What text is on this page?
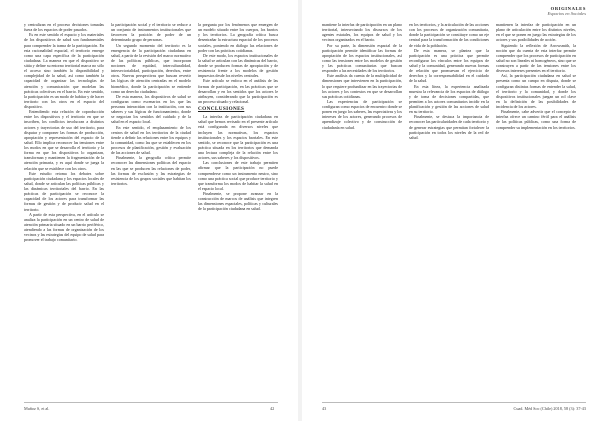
y centralizan en el proceso decisiones tomadas fuera de los espacios de poder pasados.

Es en este sentido el espacio y los materiales de los dispositivos de salud son fundamentales para comprender la trama de la participación. En esta racionalidad espacial, el territorio emerge como una capa específica de la participación ciudadana. La manera en que el dispositivo se sitúa y define su entorno territorial marca no sólo el acceso sino también la disponibilidad y complejidad de la salud, así como también la capacidad de organizar las tecnologías de atención y comunicación que modelan las prácticas colectivas en el barrio. En este sentido, la participación es un modo de habitar y de hacer territorio con los otros en el espacio del dispositivo.

Entendiendo esta relación de coproducción entre los dispositivos y el territorio en que se inscriben, los conflictos involucran a distintos actores y trayectorias de uso del territorio, para disputar y componer las formas de producción, apropiación y representación del espacio de la salud. Ello implica reconocer las tensiones entre los modos en que se desarrolla el territorio y la forma en que los dispositivos lo organizan, transforman y mantienen la fragmentación de la atención primaria, y es aquí donde se juega la relación que se establece con los otros.

Este estudio retoma los debates sobre participación ciudadana y los espacios locales de salud, donde se articulan las políticas públicas y las dinámicas territoriales del barrio. En las prácticas de participación se reconoce la capacidad de los actores para transformar las formas de gestión y de producir salud en el territorio.

A partir de esta perspectiva, en el artículo se analiza la participación en un centro de salud de atención primaria situado en un barrio periférico, atendiendo a las formas de organización de los vecinos y las estrategias del equipo de salud para promover el trabajo comunitario.

la participación social y el territorio se reduce a un conjunto de instrumentos institucionales que favorecen la posición de poder de un determinado grupo de personas.

Un segundo momento del territorio es la emergencia de la participación ciudadana en salud, a partir de la revisión del marco normativo de las políticas públicas, que incorporan nociones de equidad, interculturalidad, intersectorialidad, participación, derechos, entre otros. Nuevas perspectivas que buscan revertir las lógicas de atención centradas en el modelo biomédico, donde la participación se entiende como un derecho ciudadano.

De esta manera, los dispositivos de salud se configuran como escenarios en los que las personas interactúan con la institución, con sus saberes y sus lógicas de funcionamiento, donde se negocian los sentidos del cuidado y de la salud en el espacio local.

En este sentido, el emplazamiento de los centros de salud en los territorios de la ciudad tiende a definir las relaciones entre los equipos y la comunidad, como las que se establecen en los procesos de planificación, gestión y evaluación de las acciones de salud.

Finalmente, la geografía crítica permite reconocer las dimensiones políticas del espacio en las que se producen las relaciones de poder, las formas de exclusión y las estrategias de resistencia de los grupos sociales que habitan los territorios.

la pregunta por los fenómenos que emergen de un modelo situado entre los cuerpos, los barrios y los territorios. La geografía crítica busca desentrañar la estructura espacial de los procesos sociales, poniendo en diálogo las relaciones de poder con las prácticas cotidianas.

De este modo, los espacios institucionales de la salud se articulan con las dinámicas del barrio, donde se producen formas de apropiación y de resistencia frente a los modelos de gestión impuestos desde los niveles centrales.

Este artículo se enfoca en el análisis de las formas de participación, en las prácticas que se desarrollan y en los sentidos que los actores le atribuyen, considerando que la participación es un proceso situado y relacional.

CONCLUSIONES

La interfaz de participación ciudadana en salud que hemos revisado en el presente artículo está configurada en diversos niveles que incluyen las normativas, los espacios institucionales y los espacios barriales. En este sentido, se reconoce que la participación es una práctica situada en los territorios que demanda una lectura compleja de la relación entre los actores, sus saberes y los dispositivos.

Las conclusiones de este trabajo permiten afirmar que la participación no puede comprenderse como un instrumento neutro, sino como una práctica social que produce territorio y que transforma los modos de habitar la salud en el espacio local.

Finalmente, se propone avanzar en la construcción de marcos de análisis que integren las dimensiones espaciales, políticas y culturales de la participación ciudadana en salud.

Muñoz S, et al.	42
ORIGINALES
Espacios en Sociales

mantiene la interfaz de participación en un plano territorial, intersectando los discursos de los agentes estatales, los equipos de salud y los vecinos organizados en el barrio.

Por su parte, la dimensión espacial de la participación permite identificar las formas de apropiación de los espacios institucionales, así como las tensiones entre los modelos de gestión y las prácticas comunitarias que buscan responder a las necesidades de los territorios.

Este análisis da cuenta de la multiplicidad de dimensiones que intervienen en la participación, lo que requiere profundizar en las trayectorias de los actores y los contextos en que se desarrollan sus prácticas cotidianas.

Las experiencias de participación se configuran como espacios de encuentro donde se ponen en juego los saberes, las expectativas y los intereses de los actores, generando procesos de aprendizaje colectivo y de construcción de ciudadanía en salud.

en los territorios, y la articulación de las acciones con los procesos de organización comunitaria, donde la participación se constituye como un eje central para la transformación de las condiciones de vida de la población.

De esta manera, se plantea que la participación es una práctica que permite reconfigurar los vínculos entre los equipos de salud y la comunidad, generando nuevas formas de relación que promuevan el ejercicio de derechos y la corresponsabilidad en el cuidado de la salud.

En esta línea, la experiencia analizada muestra la relevancia de los espacios de diálogo y de toma de decisiones compartidas, que permiten a los actores comunitarios incidir en la planificación y gestión de las acciones de salud en su territorio.

Finalmente, se destaca la importancia de reconocer las particularidades de cada territorio y de generar estrategias que permitan fortalecer la participación en todos los niveles de la red de salud.

mantienen la interfaz de participación en un plano de articulación entre los distintos niveles, en el que se ponen en juego las estrategias de los actores y sus posibilidades de acción.

Siguiendo la reflexión de Arrowsmith, la noción que da cuenta de esta interfaz permite comprender que los procesos de participación en salud no son lineales ni homogéneos, sino que se construyen a partir de las tensiones entre los diversos intereses presentes en el territorio.

Así, la participación ciudadana en salud se presenta como un campo en disputa, donde se configuran distintas formas de entender la salud, el territorio y la comunidad, y donde los dispositivos institucionales juegan un rol clave en la definición de las posibilidades de incidencia de los actores.

Finalmente, cabe advertir que el concepto de interfaz ofrece un camino fértil para el análisis de las políticas públicas, como una forma de comprender su implementación en los territorios.

43	Cuad. Méd Soc (Chile) 2018, 58 (3): 37-43
